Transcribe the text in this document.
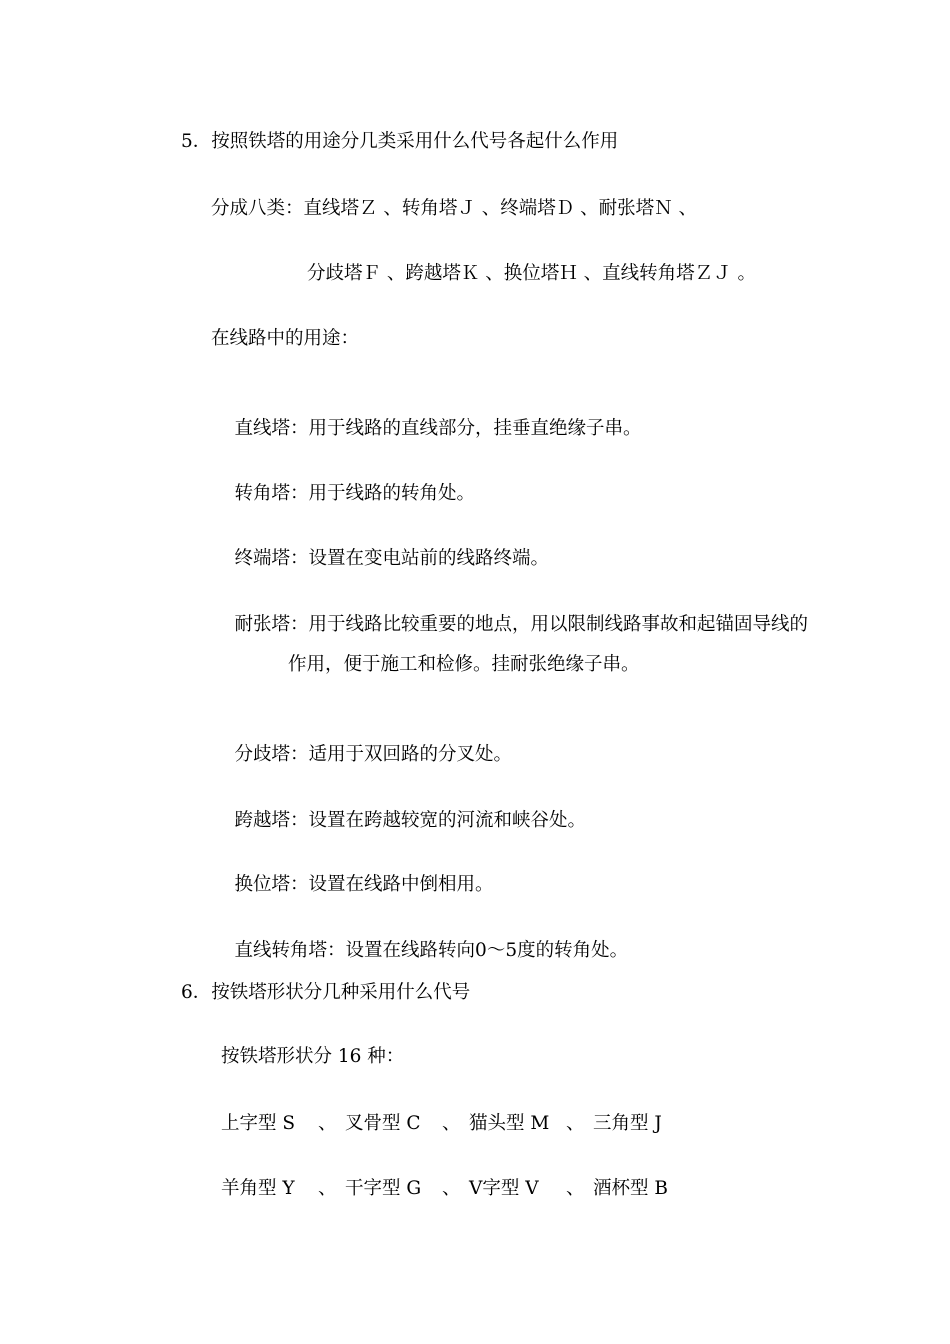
5．按照铁塔的用途分几类采用什么代号各起什么作用
分成八类：直线塔Ｚ 、转角塔Ｊ 、终端塔Ｄ 、耐张塔Ｎ 、
分歧塔Ｆ 、跨越塔Ｋ 、换位塔Ｈ 、直线转角塔ＺＪ 。
在线路中的用途：

直线塔：用于线路的直线部分，挂垂直绝缘子串。

转角塔：用于线路的转角处。

终端塔：设置在变电站前的线路终端。

耐张塔：用于线路比较重要的地点，用以限制线路事故和起锚固导线的

作用，便于施工和检修。挂耐张绝缘子串。

分歧塔：适用于双回路的分叉处。

跨越塔：设置在跨越较宽的河流和峡谷处。

换位塔：设置在线路中倒相用。

直线转角塔：设置在线路转向0～5度的转角处。

6．按铁塔形状分几种采用什么代号
按铁塔形状分 16 种：
上字型 S 、 叉骨型 C 、 猫头型 M 、 三角型 J
羊角型 Y 、 干字型 G 、 V字型 V 、 酒杯型 B
